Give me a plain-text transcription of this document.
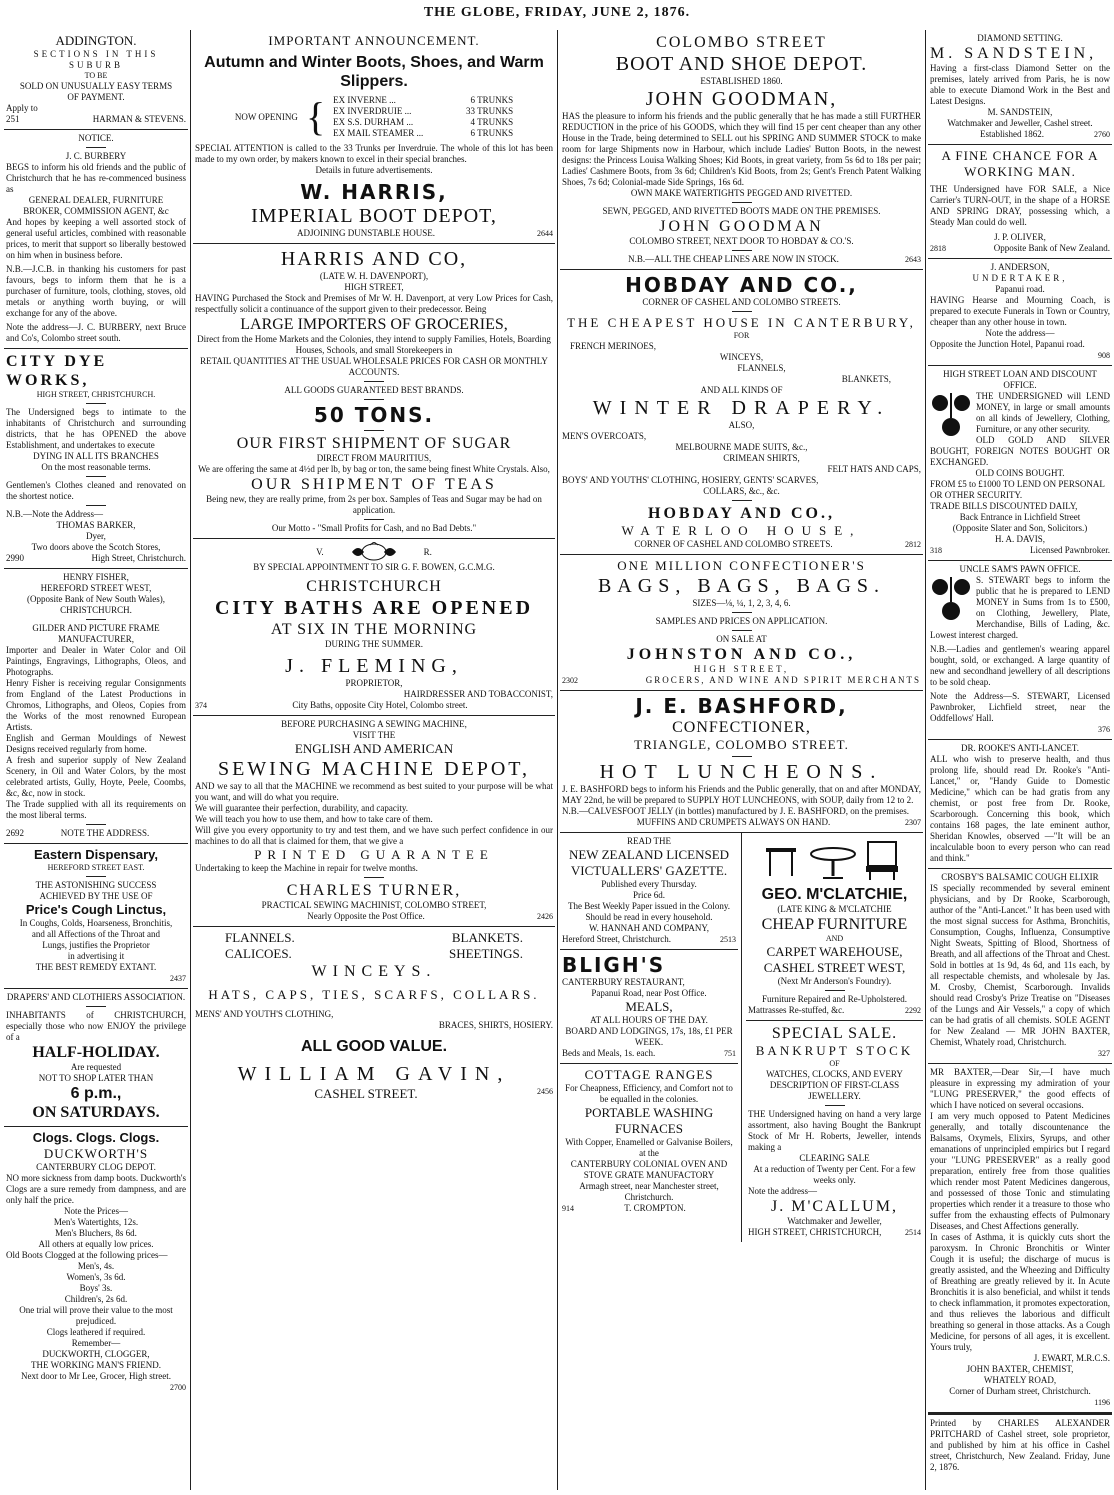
THE GLOBE, FRIDAY, JUNE 2, 1876.
ADDINGTON.
SECTIONS IN THIS SUBURB
TO BE
SOLD ON UNUSUALLY EASY TERMS
OF PAYMENT.
Apply to
251	HARMAN & STEVENS.
NOTICE.
J. C. BURBERY
BEGS to inform his old friends and the public of Christchurch that he has re-commenced business as
GENERAL DEALER, FURNITURE
BROKER, COMMISSION AGENT, &c
And hopes by keeping a well assorted stock of general useful articles, combined with reasonable prices, to merit that support so liberally bestowed on him when in business before.
N.B.—J.C.B. in thanking his customers for past favours, begs to inform them that he is a purchaser of furniture, tools, clothing, stoves, old metals or anything worth buying, or will exchange for any of the above.
Note the address—J. C. BURBERY, next Bruce and Co's, Colombo street south.
CITY DYE WORKS,
HIGH STREET, CHRISTCHURCH.
The Undersigned begs to intimate to the inhabitants of Christchurch and surrounding districts, that he has OPENED the above Establishment, and undertakes to execute
DYING IN ALL ITS BRANCHES
On the most reasonable terms.
Gentlemen's Clothes cleaned and renovated on the shortest notice.
N.B.—Note the Address—
THOMAS BARKER,
Dyer,
Two doors above the Scotch Stores,
2990	High Street, Christchurch.
HENRY FISHER,
HEREFORD STREET WEST,
(Opposite Bank of New South Wales),
CHRISTCHURCH.
GILDER AND PICTURE FRAME MANUFACTURER,
Importer and Dealer in Water Color and Oil Paintings, Engravings, Lithographs, Oleos, and Photographs.
Henry Fisher is receiving regular Consignments from England of the Latest Productions in Chromos, Lithographs, and Oleos, Copies from the Works of the most renowned European Artists.
English and German Mouldings of Newest Designs received regularly from home.
A fresh and superior supply of New Zealand Scenery, in Oil and Water Colors, by the most celebrated artists, Gully, Hoyte, Peele, Coombs, &c, &c, now in stock.
The Trade supplied with all its requirements on the most liberal terms.
2692	NOTE THE ADDRESS.
Eastern Dispensary,
HEREFORD STREET EAST.
THE ASTONISHING SUCCESS
ACHIEVED BY THE USE OF
Price's Cough Linctus,
In Coughs, Colds, Hoarseness, Bronchitis,
and all Affections of the Throat and
Lungs, justifies the Proprietor
in advertising it
THE BEST REMEDY EXTANT.
2437
DRAPERS' AND CLOTHIERS ASSOCIATION.
INHABITANTS of CHRISTCHURCH, especially those who now ENJOY the privilege of a
HALF-HOLIDAY.
Are requested
NOT TO SHOP LATER THAN
6 p.m.,
ON SATURDAYS.
Clogs. Clogs. Clogs.
DUCKWORTH'S
CANTERBURY CLOG DEPOT.
NO more sickness from damp boots. Duckworth's Clogs are a sure remedy from dampness, and are only half the price.
Note the Prices—
Men's Watertights, 12s.
Men's Bluchers, 8s 6d.
All others at equally low prices.
Old Boots Clogged at the following prices—
Men's, 4s.
Women's, 3s 6d.
Boys' 3s.
Children's, 2s 6d.
One trial will prove their value to the most prejudiced.
Clogs leathered if required.
Remember—
DUCKWORTH, CLOGGER,
THE WORKING MAN'S FRIEND.
Next door to Mr Lee, Grocer, High street.
2700
IMPORTANT ANNOUNCEMENT.
Autumn and Winter Boots, Shoes, and Warm Slippers.
NOW OPENING { EX INVERNE ...	6 TRUNKS
EX INVERDRUIE ...	33 TRUNKS
EX S.S. DURHAM ...	4 TRUNKS
EX MAIL STEAMER ...	6 TRUNKS
SPECIAL ATTENTION is called to the 33 Trunks per Inverdruie. The whole of this lot has been made to my own order, by makers known to excel in their special branches.
Details in future advertisements.
W. HARRIS,
IMPERIAL BOOT DEPOT,
ADJOINING DUNSTABLE HOUSE.	2644
HARRIS AND CO,
(LATE W. H. DAVENPORT),
HIGH STREET,
HAVING Purchased the Stock and Premises of Mr W. H. Davenport, at very Low Prices for Cash, respectfully solicit a continuance of the support given to their predecessor. Being
LARGE IMPORTERS OF GROCERIES,
Direct from the Home Markets and the Colonies, they intend to supply Families, Hotels, Boarding Houses, Schools, and small Storekeepers in
RETAIL QUANTITIES AT THE USUAL WHOLESALE PRICES FOR CASH OR MONTHLY ACCOUNTS.
ALL GOODS GUARANTEED BEST BRANDS.
50 TONS.
OUR FIRST SHIPMENT OF SUGAR
DIRECT FROM MAURITIUS,
We are offering the same at 4½d per lb, by bag or ton, the same being finest White Crystals. Also,
OUR SHIPMENT OF TEAS
Being new, they are really prime, from 2s per box. Samples of Teas and Sugar may be had on application.
Our Motto - "Small Profits for Cash, and no Bad Debts."
V.	R.
BY SPECIAL APPOINTMENT TO SIR G. F. BOWEN, G.C.M.G.
CHRISTCHURCH
CITY BATHS ARE OPENED
AT SIX IN THE MORNING
DURING THE SUMMER.
J. FLEMING,
PROPRIETOR,
HAIRDRESSER AND TOBACCONIST,
374	City Baths, opposite City Hotel, Colombo street.
BEFORE PURCHASING A SEWING MACHINE,
VISIT THE
ENGLISH AND AMERICAN
SEWING MACHINE DEPOT,
AND we say to all that the MACHINE we recommend as best suited to your purpose will be what you want, and will do what you require.
We will guarantee their perfection, durability, and capacity.
We will teach you how to use them, and how to take care of them.
Will give you every opportunity to try and test them, and we have such perfect confidence in our machines to do all that is claimed for them, that we give a
PRINTED GUARANTEE
Undertaking to keep the Machine in repair for twelve months.
CHARLES TURNER,
PRACTICAL SEWING MACHINIST, COLOMBO STREET,
Nearly Opposite the Post Office.	2426
FLANNELS.	BLANKETS.
CALICOES.	SHEETINGS.
WINCEYS.
HATS, CAPS, TIES, SCARFS, COLLARS.
MENS' AND YOUTH'S CLOTHING,
BRACES, SHIRTS, HOSIERY.
ALL GOOD VALUE.
WILLIAM GAVIN,
CASHEL STREET.	2456
COLOMBO STREET
BOOT AND SHOE DEPOT.
ESTABLISHED 1860.
JOHN GOODMAN,
HAS the pleasure to inform his friends and the public generally that he has made a still FURTHER REDUCTION in the price of his GOODS, which they will find 15 per cent cheaper than any other House in the Trade, being determined to SELL out his SPRING AND SUMMER STOCK to make room for large Shipments now in Harbour, which include Ladies' Button Boots, in the newest designs: the Princess Louisa Walking Shoes; Kid Boots, in great variety, from 5s 6d to 18s per pair; Ladies' Cashmere Boots, from 3s 6d; Children's Kid Boots, from 2s; Gent's French Patent Walking Shoes, 7s 6d; Colonial-made Side Springs, 16s 6d.
OWN MAKE WATERTIGHTS PEGGED AND RIVETTED.
SEWN, PEGGED, AND RIVETTED BOOTS MADE ON THE PREMISES.
JOHN GOODMAN
COLOMBO STREET, NEXT DOOR TO HOBDAY & CO.'S.
N.B.—ALL THE CHEAP LINES ARE NOW IN STOCK.	2643
HOBDAY AND CO.,
CORNER OF CASHEL AND COLOMBO STREETS.
THE CHEAPEST HOUSE IN CANTERBURY,
FOR
FRENCH MERINOES,
WINCEYS,
FLANNELS,
BLANKETS,
AND ALL KINDS OF
WINTER DRAPERY.
ALSO,
MEN'S OVERCOATS,
MELBOURNE MADE SUITS, &c.,
CRIMEAN SHIRTS,
FELT HATS AND CAPS,
BOYS' AND YOUTHS' CLOTHING, HOSIERY, GENTS' SCARVES,
COLLARS, &c., &c.
HOBDAY AND CO.,
WATERLOO HOUSE,
CORNER OF CASHEL AND COLOMBO STREETS.	2812
ONE MILLION CONFECTIONER'S
BAGS, BAGS, BAGS.
SIZES—⅛, ¼, 1, 2, 3, 4, 6.
SAMPLES AND PRICES ON APPLICATION.
ON SALE AT
JOHNSTON AND CO.,
HIGH STREET,
2302	GROCERS, AND WINE AND SPIRIT MERCHANTS
J. E. BASHFORD,
CONFECTIONER,
TRIANGLE, COLOMBO STREET.
HOT LUNCHEONS.
J. E. BASHFORD begs to inform his Friends and the Public generally, that on and after MONDAY, MAY 22nd, he will be prepared to SUPPLY HOT LUNCHEONS, with SOUP, daily from 12 to 2.
N.B.—CALVESFOOT JELLY (in bottles) manufactured by J. E. BASHFORD, on the premises.
MUFFINS AND CRUMPETS ALWAYS ON HAND.	2307
READ THE
NEW ZEALAND LICENSED VICTUALLERS' GAZETTE.
Published every Thursday.
Price 6d.
The Best Weekly Paper issued in the Colony. Should be read in every household.
W. HANNAH AND COMPANY,
Hereford Street, Christchurch.	2513
BLIGH'S
CANTERBURY RESTAURANT,
Papanui Road, near Post Office.
MEALS,
AT ALL HOURS OF THE DAY.
BOARD AND LODGINGS, 17s, 18s, £1 PER WEEK.
Beds and Meals, 1s. each.	751
COTTAGE RANGES
For Cheapness, Efficiency, and Comfort not to be equalled in the colonies.
PORTABLE WASHING
FURNACES
With Copper, Enamelled or Galvanise Boilers, at the
CANTERBURY COLONIAL OVEN AND STOVE GRATE MANUFACTORY
Armagh street, near Manchester street, Christchurch.
914	T. CROMPTON.
GEO. M'CLATCHIE,
(LATE KING & M'CLATCHIE
CHEAP FURNITURE
AND
CARPET WAREHOUSE,
CASHEL STREET WEST,
(Next Mr Anderson's Foundry).
Furniture Repaired and Re-Upholstered.
Mattrasses Re-stuffed, &c.	2292
SPECIAL SALE.
BANKRUPT STOCK
OF
WATCHES, CLOCKS, AND EVERY DESCRIPTION OF FIRST-CLASS JEWELLERY.
THE Undersigned having on hand a very large assortment, also having Bought the Bankrupt Stock of Mr H. Roberts, Jeweller, intends making a
CLEARING SALE
At a reduction of Twenty per Cent. For a few weeks only.
Note the address—
J. M'CALLUM,
Watchmaker and Jeweller,
HIGH STREET, CHRISTCHURCH,	2514
DIAMOND SETTING.
M. SANDSTEIN,
Having a first-class Diamond Setter on the premises, lately arrived from Paris, he is now able to execute Diamond Work in the Best and Latest Designs.
M. SANDSTEIN,
Watchmaker and Jeweller, Cashel street.
Established 1862.	2760
A FINE CHANCE FOR A WORKING MAN.
THE Undersigned have FOR SALE, a Nice Carrier's TURN-OUT, in the shape of a HORSE AND SPRING DRAY, possessing which, a Steady Man could do well.
J. P. OLIVER,
2818	Opposite Bank of New Zealand.
J. ANDERSON,
UNDERTAKER,
Papanui road.
HAVING Hearse and Mourning Coach, is prepared to execute Funerals in Town or Country, cheaper than any other house in town.
Note the address—
Opposite the Junction Hotel, Papanui road.
908
HIGH STREET LOAN AND DISCOUNT OFFICE.
THE UNDERSIGNED will LEND MONEY, in large or small amounts on all kinds of Jewellery, Clothing, Furniture, or any other security.
OLD GOLD AND SILVER BOUGHT, FOREIGN NOTES BOUGHT OR EXCHANGED.
OLD COINS BOUGHT.
FROM £5 to £1000 TO LEND ON PERSONAL OR OTHER SECURITY.
TRADE BILLS DISCOUNTED DAILY,
Back Entrance in Lichfield Street
(Opposite Slater and Son, Solicitors.)
H. A. DAVIS,
318	Licensed Pawnbroker.
UNCLE SAM'S PAWN OFFICE.
S. STEWART begs to inform the public that he is prepared to LEND MONEY in Sums from 1s to £500, on Clothing, Jewellery, Plate, Merchandise, Bills of Lading, &c. Lowest interest charged.
N.B.—Ladies and gentlemen's wearing apparel bought, sold, or exchanged. A large quantity of new and secondhand jewellery of all descriptions to be sold cheap.
Note the Address—S. STEWART, Licensed Pawnbroker, Lichfield street, near the Oddfellows' Hall.
376
DR. ROOKE'S ANTI-LANCET.
ALL who wish to preserve health, and thus prolong life, should read Dr. Rooke's "Anti-Lancet," or, "Handy Guide to Domestic Medicine," which can be had gratis from any chemist, or post free from Dr. Rooke, Scarborough. Concerning this book, which contains 168 pages, the late eminent author, Sheridan Knowles, observed —"It will be an incalculable boon to every person who can read and think."
CROSBY'S BALSAMIC COUGH ELIXIR
IS specially recommended by several eminent physicians, and by Dr Rooke, Scarborough, author of the "Anti-Lancet." It has been used with the most signal success for Asthma, Bronchitis, Consumption, Coughs, Influenza, Consumptive Night Sweats, Spitting of Blood, Shortness of Breath, and all affections of the Throat and Chest. Sold in bottles at 1s 9d, 4s 6d, and 11s each, by all respectable chemists, and wholesale by Jas. M. Crosby, Chemist, Scarborough. Invalids should read Crosby's Prize Treatise on "Diseases of the Lungs and Air Vessels," a copy of which can be had gratis of all chemists. SOLE AGENT for New Zealand — MR JOHN BAXTER, Chemist, Whately road, Christchurch.
327
MR BAXTER,—Dear Sir,—I have much pleasure in expressing my admiration of your "LUNG PRESERVER," the good effects of which I have noticed on several occasions.
I am very much opposed to Patent Medicines generally, and totally discountenance the Balsams, Oxymels, Elixirs, Syrups, and other emanations of unprincipled empirics but I regard your "LUNG PRESERVER" as a really good preparation, entirely free from those qualities which render most Patent Medicines dangerous, and possessed of those Tonic and stimulating properties which render it a treasure to those who suffer from the exhausting effects of Pulmonary Diseases, and Chest Affections generally.
In cases of Asthma, it is quickly cuts short the paroxysm. In Chronic Bronchitis or Winter Cough it is useful; the discharge of mucus is greatly assisted, and the Wheezing and Difficulty of Breathing are greatly relieved by it. In Acute Bronchitis it is also beneficial, and whilst it tends to check inflammation, it promotes expectoration, and thus relieves the laborious and difficult breathing so general in those attacks. As a Cough Medicine, for persons of all ages, it is excellent. Yours truly,
J. EWART, M.R.C.S.
JOHN BAXTER, CHEMIST,
WHATELY ROAD,
Corner of Durham street, Christchurch.
1196
Printed by CHARLES ALEXANDER PRITCHARD of Cashel street, sole proprietor, and published by him at his office in Cashel street, Christchurch, New Zealand. Friday, June 2, 1876.
